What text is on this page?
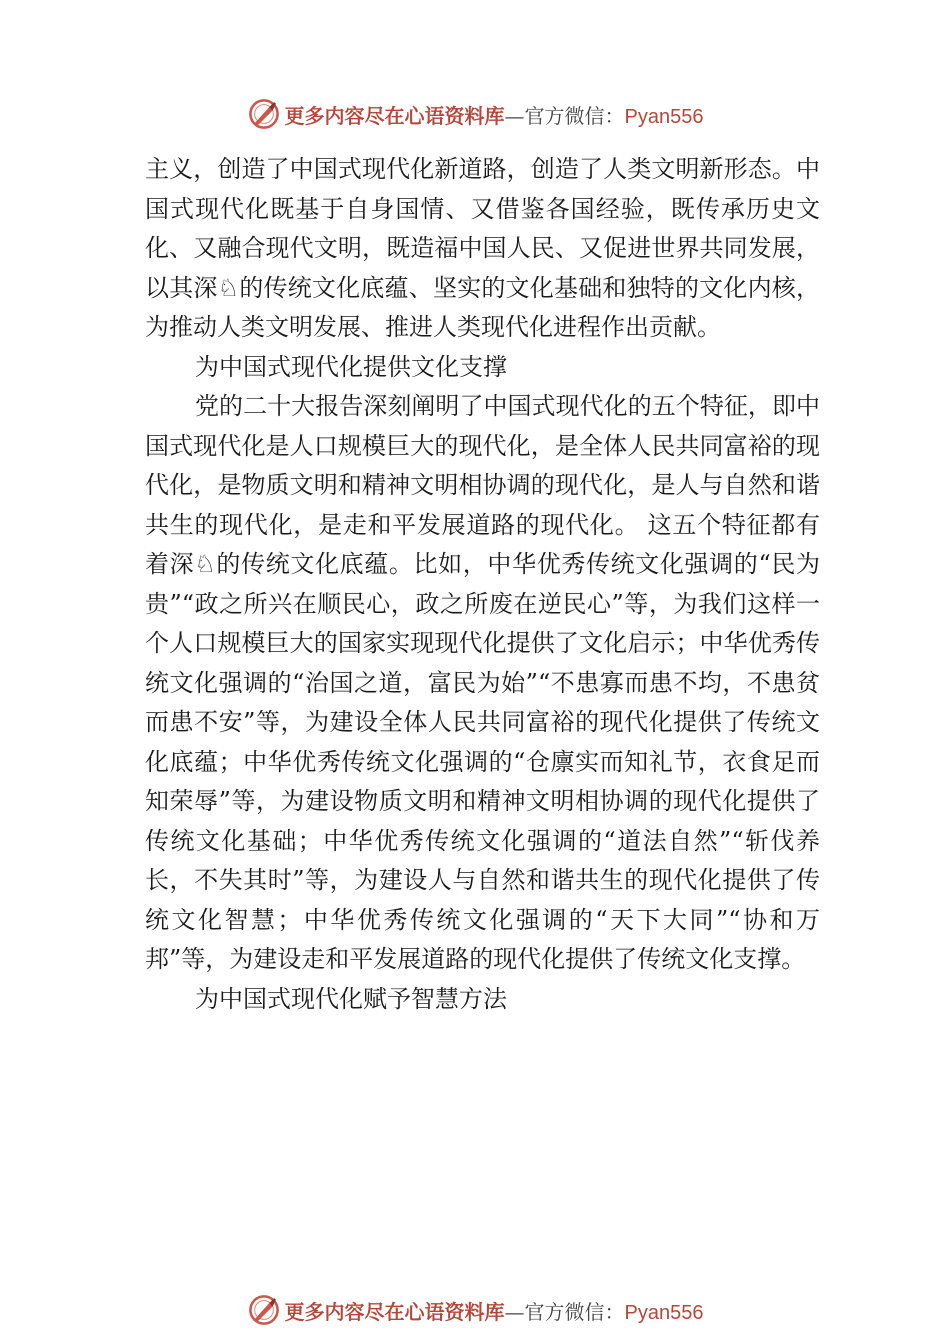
更多内容尽在心语资料库—官方微信：Pyan556

主义，创造了中国式现代化新道路，创造了人类文明新形态。中国式现代化既基于自身国情、又借鉴各国经验，既传承历史文化、又融合现代文明，既造福中国人民、又促进世界共同发展，以其深♘的传统文化底蕴、坚实的文化基础和独特的文化内核，为推动人类文明发展、推进人类现代化进程作出贡献。

为中国式现代化提供文化支撑

党的二十大报告深刻阐明了中国式现代化的五个特征，即中国式现代化是人口规模巨大的现代化，是全体人民共同富裕的现代化，是物质文明和精神文明相协调的现代化，是人与自然和谐共生的现代化，是走和平发展道路的现代化。 这五个特征都有着深♘的传统文化底蕴。比如，中华优秀传统文化强调的“民为贵”“政之所兴在顺民心，政之所废在逆民心”等，为我们这样一个人口规模巨大的国家实现现代化提供了文化启示；中华优秀传统文化强调的“治国之道，富民为始”“不患寡而患不均，不患贫而患不安”等，为建设全体人民共同富裕的现代化提供了传统文化底蕴；中华优秀传统文化强调的“仓廪实而知礼节，衣食足而知荣辱”等，为建设物质文明和精神文明相协调的现代化提供了传统文化基础；中华优秀传统文化强调的“道法自然”“斩伐养长，不失其时”等，为建设人与自然和谐共生的现代化提供了传统文化智慧；中华优秀传统文化强调的“天下大同”“协和万邦”等，为建设走和平发展道路的现代化提供了传统文化支撑。

为中国式现代化赋予智慧方法

更多内容尽在心语资料库—官方微信：Pyan556
